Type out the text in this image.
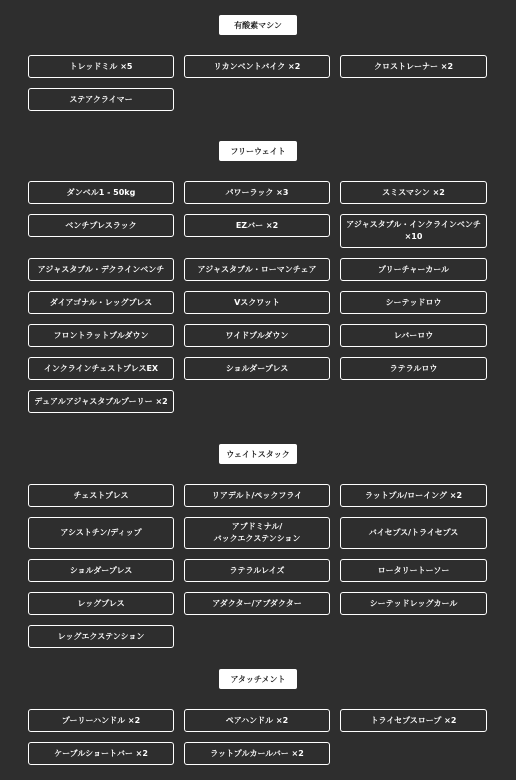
有酸素マシン
トレッドミル ×5	リカンベントバイク ×2	クロストレーナー ×2
ステアクライマー
フリーウェイト
ダンベル1 - 50kg	パワーラック ×3	スミスマシン ×2
ベンチプレスラック	EZバー ×2	アジャスタブル・インクラインベンチ ×10
アジャスタブル・デクラインベンチ	アジャスタブル・ローマンチェア	プリーチャーカール
ダイアゴナル・レッグプレス	Vスクワット	シーテッドロウ
フロントラットプルダウン	ワイドプルダウン	レバーロウ
インクラインチェストプレスEX	ショルダープレス	ラテラルロウ
デュアルアジャスタブルプーリー ×2
ウェイトスタック
チェストプレス	リアデルト/ペックフライ	ラットプル/ローイング ×2
アシストチン/ディップ
アブドミナル/バックエクステンション
バイセプス/トライセプス
ショルダープレス	ラテラルレイズ	ロータリートーソー
レッグプレス	アダクター/アブダクター	シーテッドレッグカール
レッグエクステンション
アタッチメント
プーリーハンドル ×2	ペアハンドル ×2	トライセプスロープ ×2
ケーブルショートバー ×2	ラットプルカールバー ×2
